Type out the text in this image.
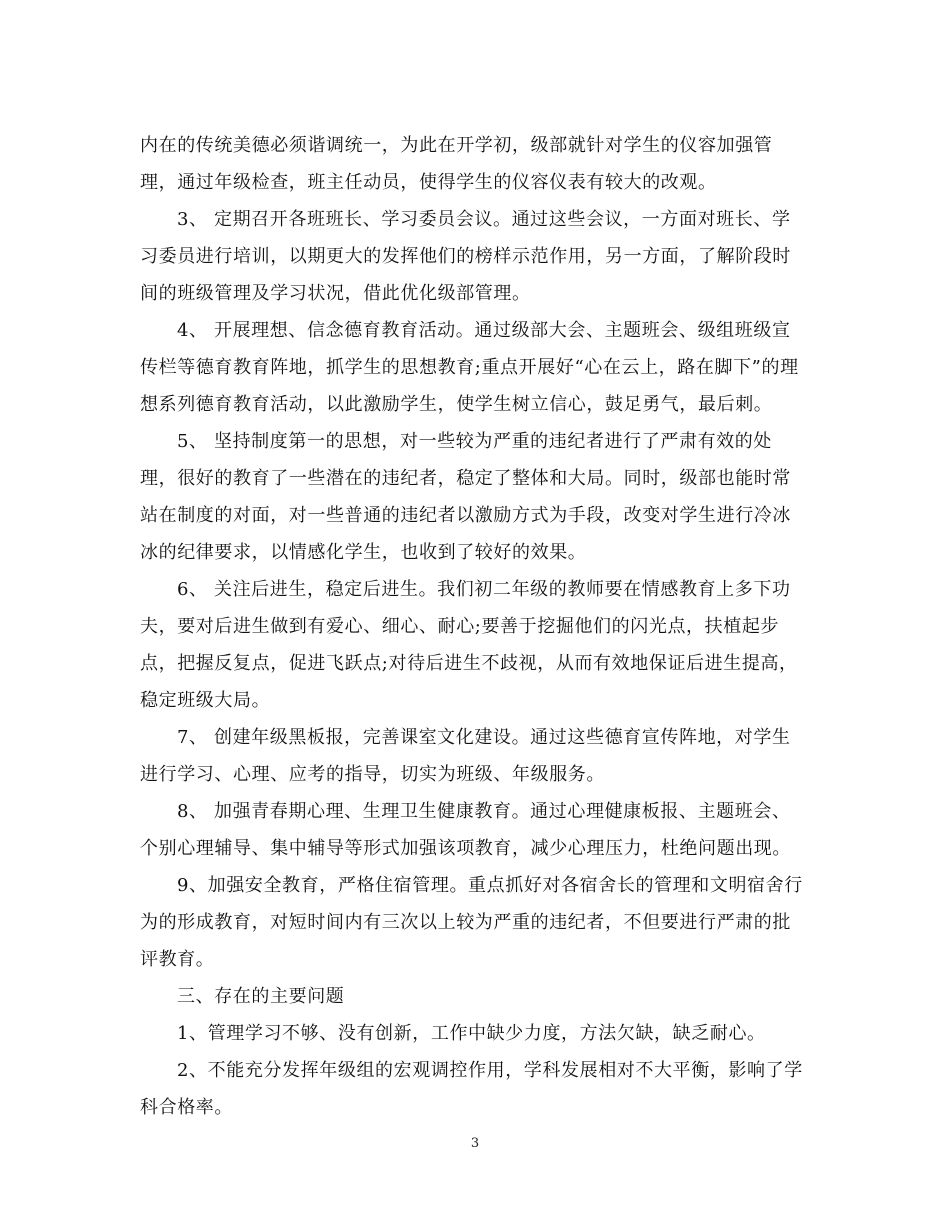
内在的传统美德必须谐调统一，为此在开学初，级部就针对学生的仪容加强管
理，通过年级检查，班主任动员，使得学生的仪容仪表有较大的改观。

3、 定期召开各班班长、学习委员会议。通过这些会议，一方面对班长、学
习委员进行培训，以期更大的发挥他们的榜样示范作用，另一方面，了解阶段时
间的班级管理及学习状况，借此优化级部管理。

4、 开展理想、信念德育教育活动。通过级部大会、主题班会、级组班级宣
传栏等德育教育阵地，抓学生的思想教育;重点开展好“心在云上，路在脚下”的理
想系列德育教育活动，以此激励学生，使学生树立信心，鼓足勇气，最后刺。

5、 坚持制度第一的思想，对一些较为严重的违纪者进行了严肃有效的处
理，很好的教育了一些潜在的违纪者，稳定了整体和大局。同时，级部也能时常
站在制度的对面，对一些普通的违纪者以激励方式为手段，改变对学生进行冷冰
冰的纪律要求，以情感化学生，也收到了较好的效果。

6、 关注后进生，稳定后进生。我们初二年级的教师要在情感教育上多下功
夫，要对后进生做到有爱心、细心、耐心;要善于挖掘他们的闪光点，扶植起步
点，把握反复点，促进飞跃点;对待后进生不歧视，从而有效地保证后进生提高，
稳定班级大局。

7、 创建年级黑板报，完善课室文化建设。通过这些德育宣传阵地，对学生
进行学习、心理、应考的指导，切实为班级、年级服务。

8、 加强青春期心理、生理卫生健康教育。通过心理健康板报、主题班会、
个别心理辅导、集中辅导等形式加强该项教育，减少心理压力，杜绝问题出现。

9、加强安全教育，严格住宿管理。重点抓好对各宿舍长的管理和文明宿舍行
为的形成教育，对短时间内有三次以上较为严重的违纪者，不但要进行严肃的批
评教育。

三、存在的主要问题

1、管理学习不够、没有创新，工作中缺少力度，方法欠缺，缺乏耐心。

2、不能充分发挥年级组的宏观调控作用，学科发展相对不大平衡，影响了学
科合格率。

3
